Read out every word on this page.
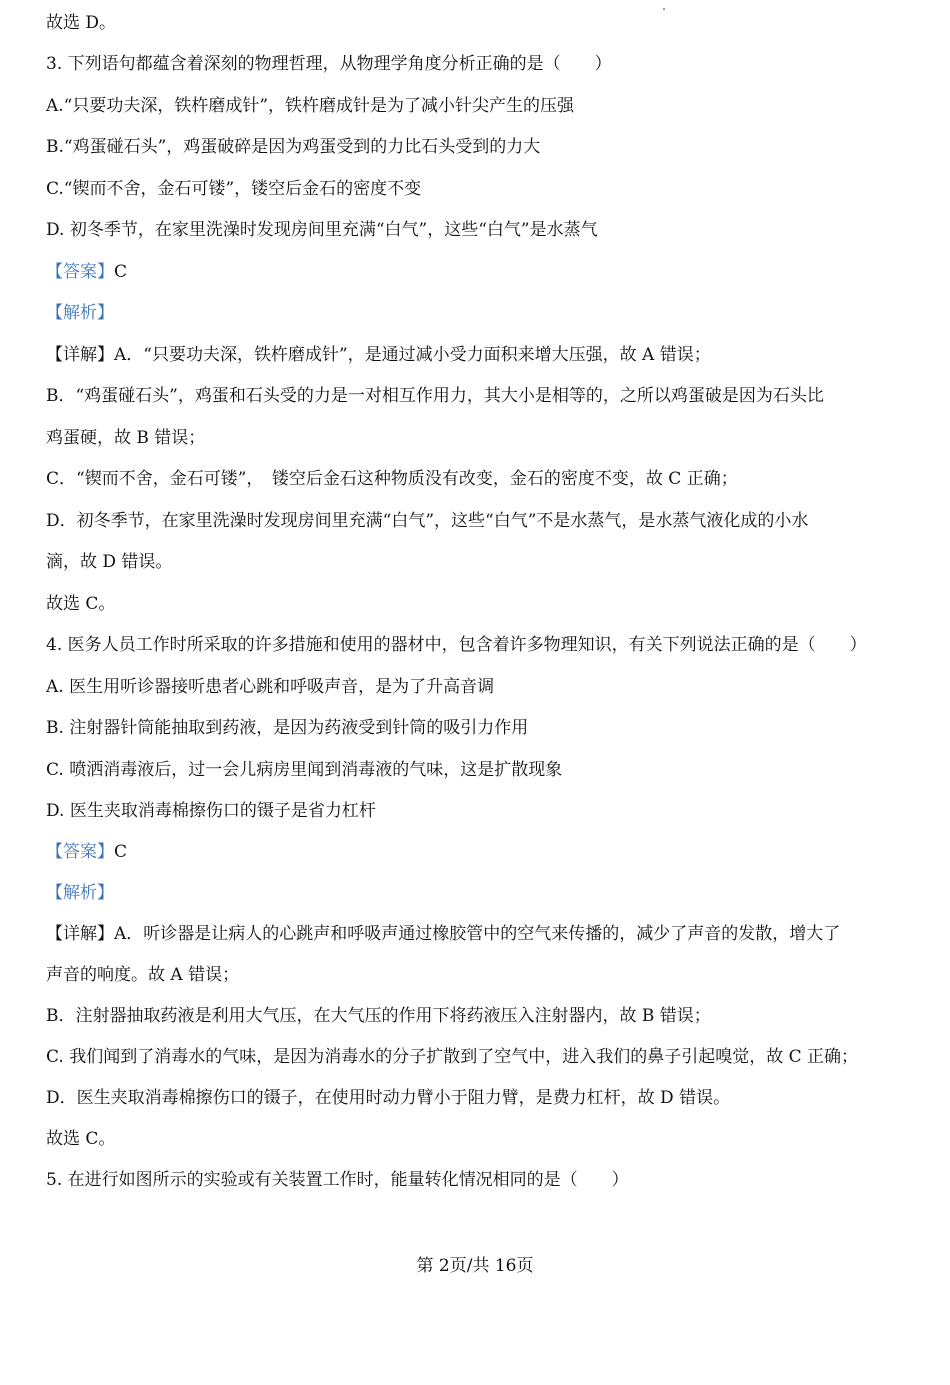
故选 D。
3. 下列语句都蕴含着深刻的物理哲理，从物理学角度分析正确的是（　　）
A.“只要功夫深，铁杵磨成针”，铁杵磨成针是为了减小针尖产生的压强
B.“鸡蛋碰石头”，鸡蛋破碎是因为鸡蛋受到的力比石头受到的力大
C.“锲而不舍，金石可镂”，镂空后金石的密度不变
D. 初冬季节，在家里洗澡时发现房间里充满“白气”，这些“白气”是水蒸气
【答案】C
【解析】
【详解】A．“只要功夫深，铁杵磨成针”，是通过减小受力面积来增大压强，故 A 错误；
B．“鸡蛋碰石头”，鸡蛋和石头受的力是一对相互作用力，其大小是相等的，之所以鸡蛋破是因为石头比
鸡蛋硬，故 B 错误；
C．“锲而不舍，金石可镂”，　镂空后金石这种物质没有改变，金石的密度不变，故 C 正确；
D．初冬季节，在家里洗澡时发现房间里充满“白气”，这些“白气”不是水蒸气，是水蒸气液化成的小水
滴，故 D 错误。
故选 C。
4. 医务人员工作时所采取的许多措施和使用的器材中，包含着许多物理知识，有关下列说法正确的是（　　）
A. 医生用听诊器接听患者心跳和呼吸声音，是为了升高音调
B. 注射器针筒能抽取到药液，是因为药液受到针筒的吸引力作用
C. 喷洒消毒液后，过一会儿病房里闻到消毒液的气味，这是扩散现象
D. 医生夹取消毒棉擦伤口的镊子是省力杠杆
【答案】C
【解析】
【详解】A．听诊器是让病人的心跳声和呼吸声通过橡胶管中的空气来传播的，减少了声音的发散，增大了
声音的响度。故 A 错误；
B．注射器抽取药液是利用大气压，在大气压的作用下将药液压入注射器内，故 B 错误；
C. 我们闻到了消毒水的气味，是因为消毒水的分子扩散到了空气中，进入我们的鼻子引起嗅觉，故 C 正确；
D．医生夹取消毒棉擦伤口的镊子，在使用时动力臂小于阻力臂，是费力杠杆，故 D 错误。
故选 C。
5. 在进行如图所示的实验或有关装置工作时，能量转化情况相同的是（　　）
第 2页/共 16页
